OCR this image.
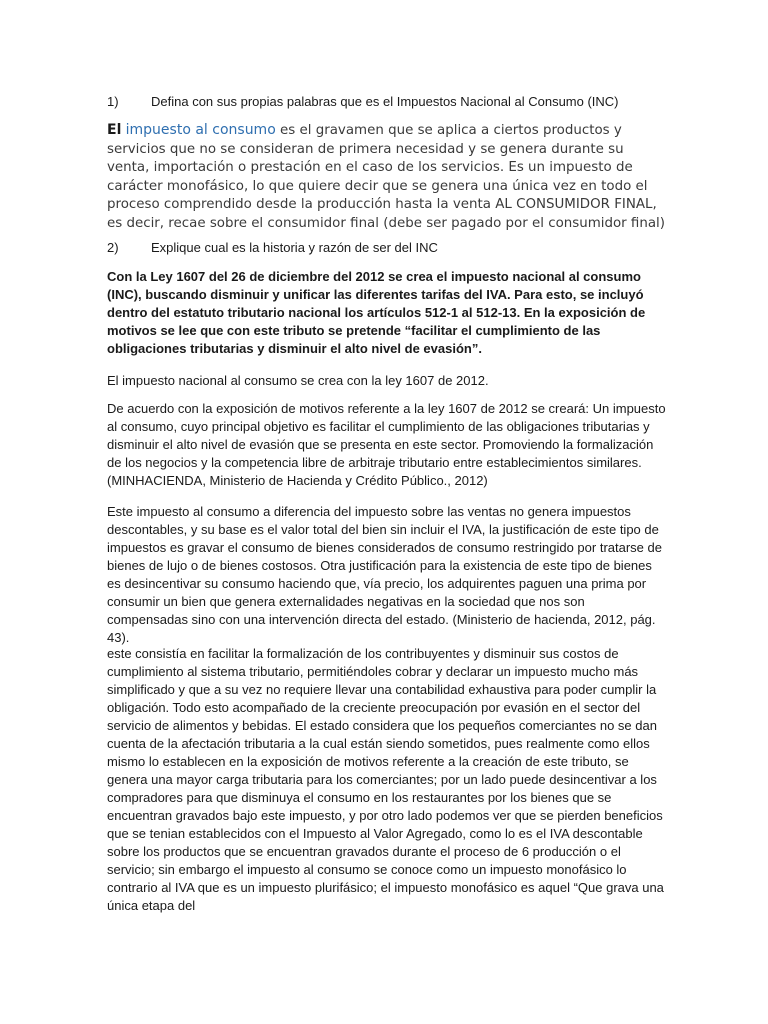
1) Defina con sus propias palabras que es el Impuestos Nacional al Consumo (INC)

El impuesto al consumo es el gravamen que se aplica a ciertos productos y servicios que no se consideran de primera necesidad y se genera durante su venta, importación o prestación en el caso de los servicios. Es un impuesto de carácter monofásico, lo que quiere decir que se genera una única vez en todo el proceso comprendido desde la producción hasta la venta AL CONSUMIDOR FINAL, es decir, recae sobre el consumidor final (debe ser pagado por el consumidor final)

2) Explique cual es la historia y razón de ser del INC

Con la Ley 1607 del 26 de diciembre del 2012 se crea el impuesto nacional al consumo (INC), buscando disminuir y unificar las diferentes tarifas del IVA. Para esto, se incluyó dentro del estatuto tributario nacional los artículos 512-1 al 512-13. En la exposición de motivos se lee que con este tributo se pretende “facilitar el cumplimiento de las obligaciones tributarias y disminuir el alto nivel de evasión”.

El impuesto nacional al consumo se crea con la ley 1607 de 2012.

De acuerdo con la exposición de motivos referente a la ley 1607 de 2012 se creará: Un impuesto al consumo, cuyo principal objetivo es facilitar el cumplimiento de las obligaciones tributarias y disminuir el alto nivel de evasión que se presenta en este sector. Promoviendo la formalización de los negocios y la competencia libre de arbitraje tributario entre establecimientos similares. (MINHACIENDA, Ministerio de Hacienda y Crédito Público., 2012)

Este impuesto al consumo a diferencia del impuesto sobre las ventas no genera impuestos descontables, y su base es el valor total del bien sin incluir el IVA, la justificación de este tipo de impuestos es gravar el consumo de bienes considerados de consumo restringido por tratarse de bienes de lujo o de bienes costosos. Otra justificación para la existencia de este tipo de bienes es desincentivar su consumo haciendo que, vía precio, los adquirentes paguen una prima por consumir un bien que genera externalidades negativas en la sociedad que nos son compensadas sino con una intervención directa del estado. (Ministerio de hacienda, 2012, pág. 43).

este consistía en facilitar la formalización de los contribuyentes y disminuir sus costos de cumplimiento al sistema tributario, permitiéndoles cobrar y declarar un impuesto mucho más simplificado y que a su vez no requiere llevar una contabilidad exhaustiva para poder cumplir la obligación. Todo esto acompañado de la creciente preocupación por evasión en el sector del servicio de alimentos y bebidas. El estado considera que los pequeños comerciantes no se dan cuenta de la afectación tributaria a la cual están siendo sometidos, pues realmente como ellos mismo lo establecen en la exposición de motivos referente a la creación de este tributo, se genera una mayor carga tributaria para los comerciantes; por un lado puede desincentivar a los compradores para que disminuya el consumo en los restaurantes por los bienes que se encuentran gravados bajo este impuesto, y por otro lado podemos ver que se pierden beneficios que se tenian establecidos con el Impuesto al Valor Agregado, como lo es el IVA descontable sobre los productos que se encuentran gravados durante el proceso de 6 producción o el servicio; sin embargo el impuesto al consumo se conoce como un impuesto monofásico lo contrario al IVA que es un impuesto plurifásico; el impuesto monofásico es aquel “Que grava una única etapa del
